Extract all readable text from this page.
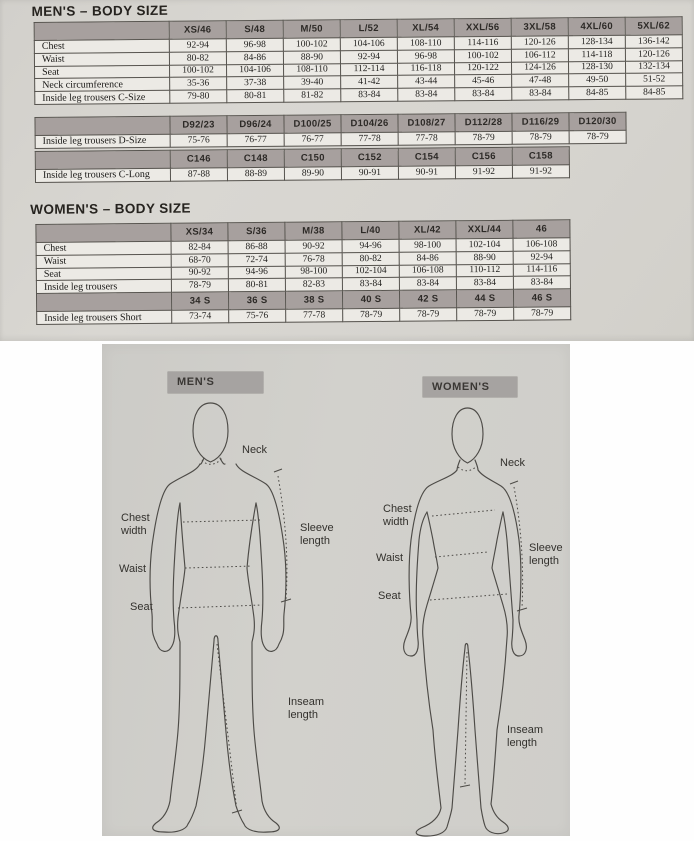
MEN'S – BODY SIZE
	XS/46	S/48	M/50	L/52	XL/54	XXL/56	3XL/58	4XL/60	5XL/62
Chest	92-94	96-98	100-102	104-106	108-110	114-116	120-126	128-134	136-142
Waist	80-82	84-86	88-90	92-94	96-98	100-102	106-112	114-118	120-126
Seat	100-102	104-106	108-110	112-114	116-118	120-122	124-126	128-130	132-134
Neck circumference	35-36	37-38	39-40	41-42	43-44	45-46	47-48	49-50	51-52
Inside leg trousers C-Size	79-80	80-81	81-82	83-84	83-84	83-84	83-84	84-85	84-85
	D92/23	D96/24	D100/25	D104/26	D108/27	D112/28	D116/29	D120/30
Inside leg trousers D-Size	75-76	76-77	76-77	77-78	77-78	78-79	78-79	78-79
	C146	C148	C150	C152	C154	C156	C158
Inside leg trousers C-Long	87-88	88-89	89-90	90-91	90-91	91-92	91-92
WOMEN'S – BODY SIZE
	XS/34	S/36	M/38	L/40	XL/42	XXL/44	46
Chest	82-84	86-88	90-92	94-96	98-100	102-104	106-108
Waist	68-70	72-74	76-78	80-82	84-86	88-90	92-94
Seat	90-92	94-96	98-100	102-104	106-108	110-112	114-116
Inside leg trousers	78-79	80-81	82-83	83-84	83-84	83-84	83-84
	34 S	36 S	38 S	40 S	42 S	44 S	46 S
Inside leg trousers Short	73-74	75-76	77-78	78-79	78-79	78-79	78-79
MEN'S	WOMEN'S
Neck
Chest width
Waist
Seat
Sleeve length
Inseam length
Neck
Chest width
Waist
Seat
Sleeve length
Inseam length
